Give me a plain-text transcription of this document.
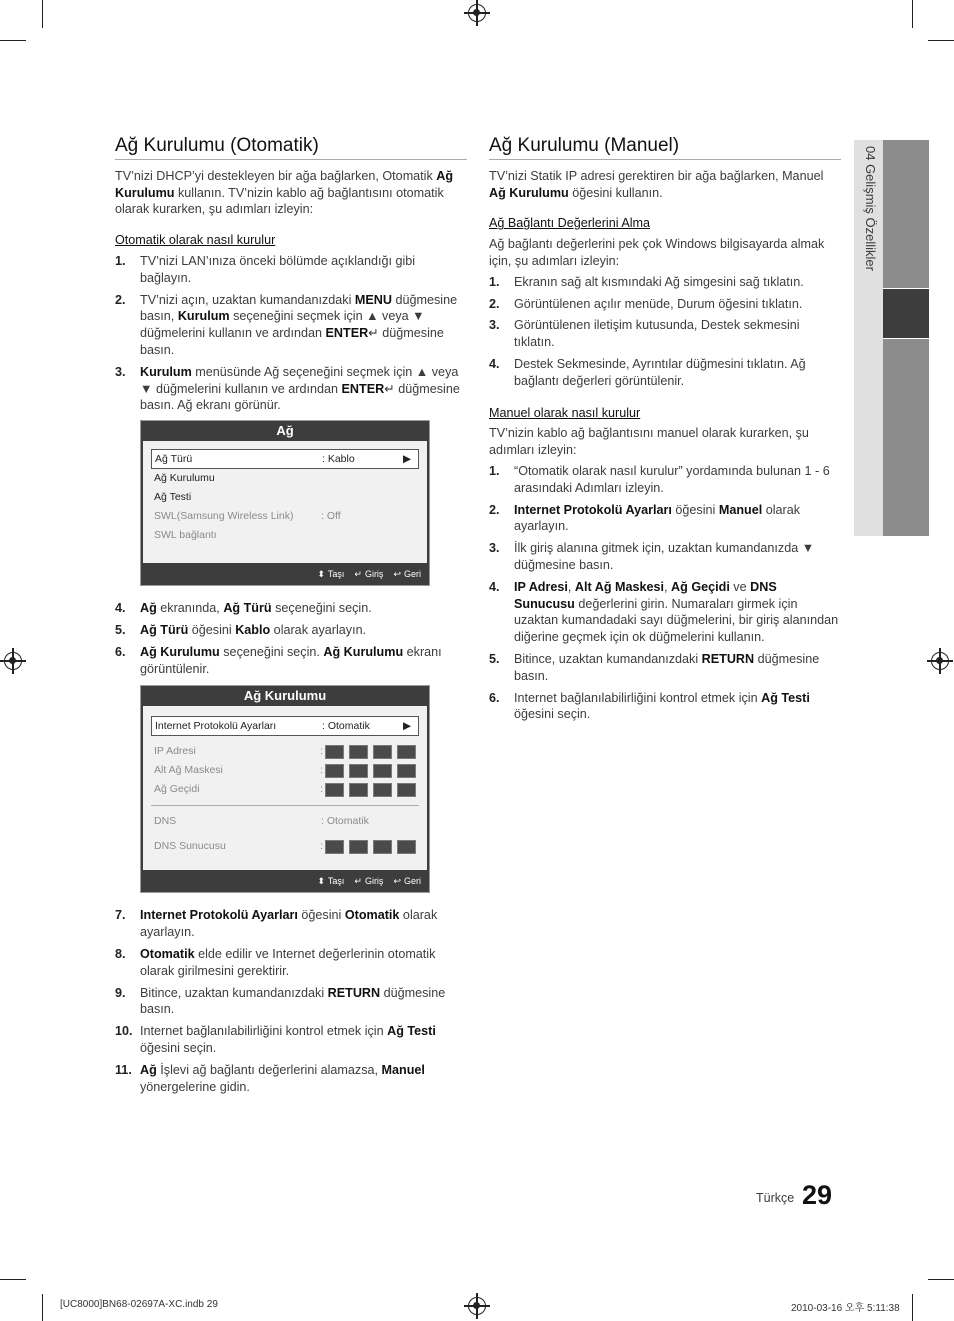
04 Gelişmiş Özellikler
Ağ Kurulumu (Otomatik)

TV’nizi DHCP’yi destekleyen bir ağa bağlarken, Otomatik Ağ Kurulumu kullanın. TV’nizin kablo ağ bağlantısını otomatik olarak kurarken, şu adımları izleyin:

Otomatik olarak nasıl kurulur
1. TV’nizi LAN’ınıza önceki bölümde açıklandığı gibi bağlayın.
2. TV’nizi açın, uzaktan kumandanızdaki MENU düğmesine basın, Kurulum seçeneğini seçmek için ▲ veya ▼ düğmelerini kullanın ve ardından ENTER↵ düğmesine basın.
3. Kurulum menüsünde Ağ seçeneğini seçmek için ▲ veya ▼ düğmelerini kullanın ve ardından ENTER↵ düğmesine basın. Ağ ekranı görünür.
Ağ
Ağ Türü	: Kablo	▶
Ağ Kurulumu
Ağ Testi
SWL(Samsung Wireless Link)	: Off
SWL bağlantı
⬍ Taşı ↵ Giriş ↩ Geri
4. Ağ ekranında, Ağ Türü seçeneğini seçin.
5. Ağ Türü öğesini Kablo olarak ayarlayın.
6. Ağ Kurulumu seçeneğini seçin. Ağ Kurulumu ekranı görüntülenir.
Ağ Kurulumu
Internet Protokolü Ayarları	: Otomatik	▶
IP Adresi	:
Alt Ağ Maskesi	:
Ağ Geçidi	:
DNS	: Otomatik
DNS Sunucusu	:
⬍ Taşı ↵ Giriş ↩ Geri
7. Internet Protokolü Ayarları öğesini Otomatik olarak ayarlayın.
8. Otomatik elde edilir ve Internet değerlerinin otomatik olarak girilmesini gerektirir.
9. Bitince, uzaktan kumandanızdaki RETURN düğmesine basın.
10. Internet bağlanılabilirliğini kontrol etmek için Ağ Testi öğesini seçin.
11. Ağ İşlevi ağ bağlantı değerlerini alamazsa, Manuel yönergelerine gidin.
Ağ Kurulumu (Manuel)

TV’nizi Statik IP adresi gerektiren bir ağa bağlarken, Manuel Ağ Kurulumu öğesini kullanın.

Ağ Bağlantı Değerlerini Alma

Ağ bağlantı değerlerini pek çok Windows bilgisayarda almak için, şu adımları izleyin:

1. Ekranın sağ alt kısmındaki Ağ simgesini sağ tıklatın.
2. Görüntülenen açılır menüde, Durum öğesini tıklatın.
3. Görüntülenen iletişim kutusunda, Destek sekmesini tıklatın.
4. Destek Sekmesinde, Ayrıntılar düğmesini tıklatın. Ağ bağlantı değerleri görüntülenir.
Manuel olarak nasıl kurulur

TV’nizin kablo ağ bağlantısını manuel olarak kurarken, şu adımları izleyin:

1. “Otomatik olarak nasıl kurulur” yordamında bulunan 1 - 6 arasındaki Adımları izleyin.
2. Internet Protokolü Ayarları öğesini Manuel olarak ayarlayın.
3. İlk giriş alanına gitmek için, uzaktan kumandanızda ▼ düğmesine basın.
4. IP Adresi, Alt Ağ Maskesi, Ağ Geçidi ve DNS Sunucusu değerlerini girin. Numaraları girmek için uzaktan kumandadaki sayı düğmelerini, bir giriş alanından diğerine geçmek için ok düğmelerini kullanın.
5. Bitince, uzaktan kumandanızdaki RETURN düğmesine basın.
6. Internet bağlanılabilirliğini kontrol etmek için Ağ Testi öğesini seçin.
Türkçe 29
[UC8000]BN68-02697A-XC.indb 29	2010-03-16 오후 5:11:38
